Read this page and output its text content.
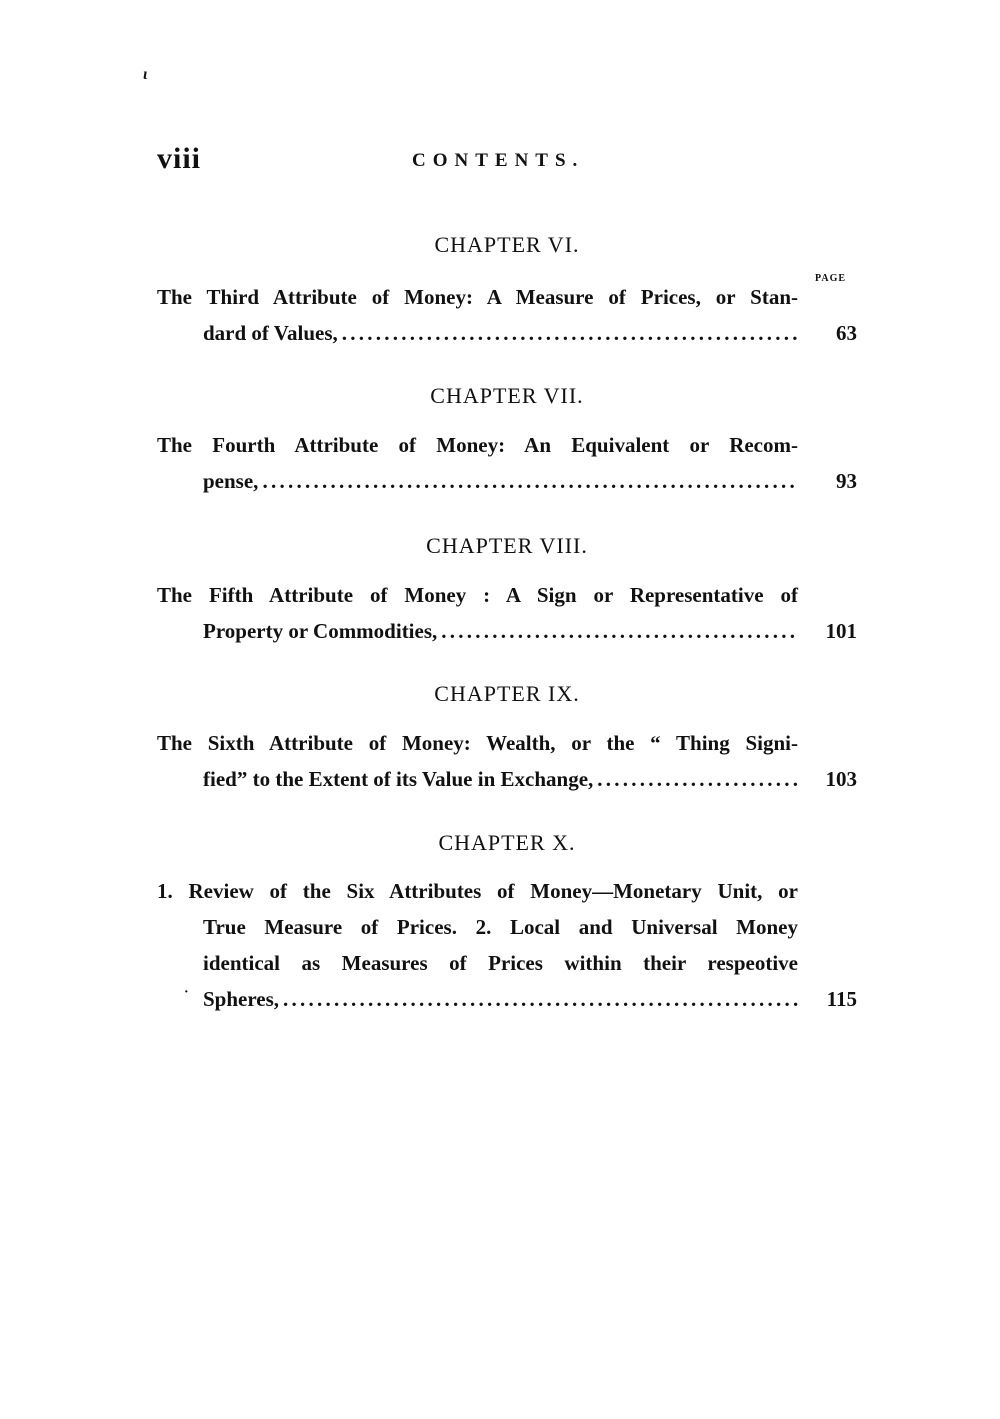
ɩ
·
viii	CONTENTS.
CHAPTER VI.
PAGE
The Third Attribute of Money: A Measure of Prices, or Stan-
dard of Values, . . .	63
CHAPTER VII.
The Fourth Attribute of Money: An Equivalent or Recom-
pense, . . .	93
CHAPTER VIII.
The Fifth Attribute of Money : A Sign or Representative of
Property or Commodities, . . .	101
CHAPTER IX.
The Sixth Attribute of Money: Wealth, or the “ Thing Signi-
fied” to the Extent of its Value in Exchange, . . .	103
CHAPTER X.
1. Review of the Six Attributes of Money—Monetary Unit, or
True Measure of Prices. 2. Local and Universal Money
identical as Measures of Prices within their respeotive
Spheres, . . .	115
